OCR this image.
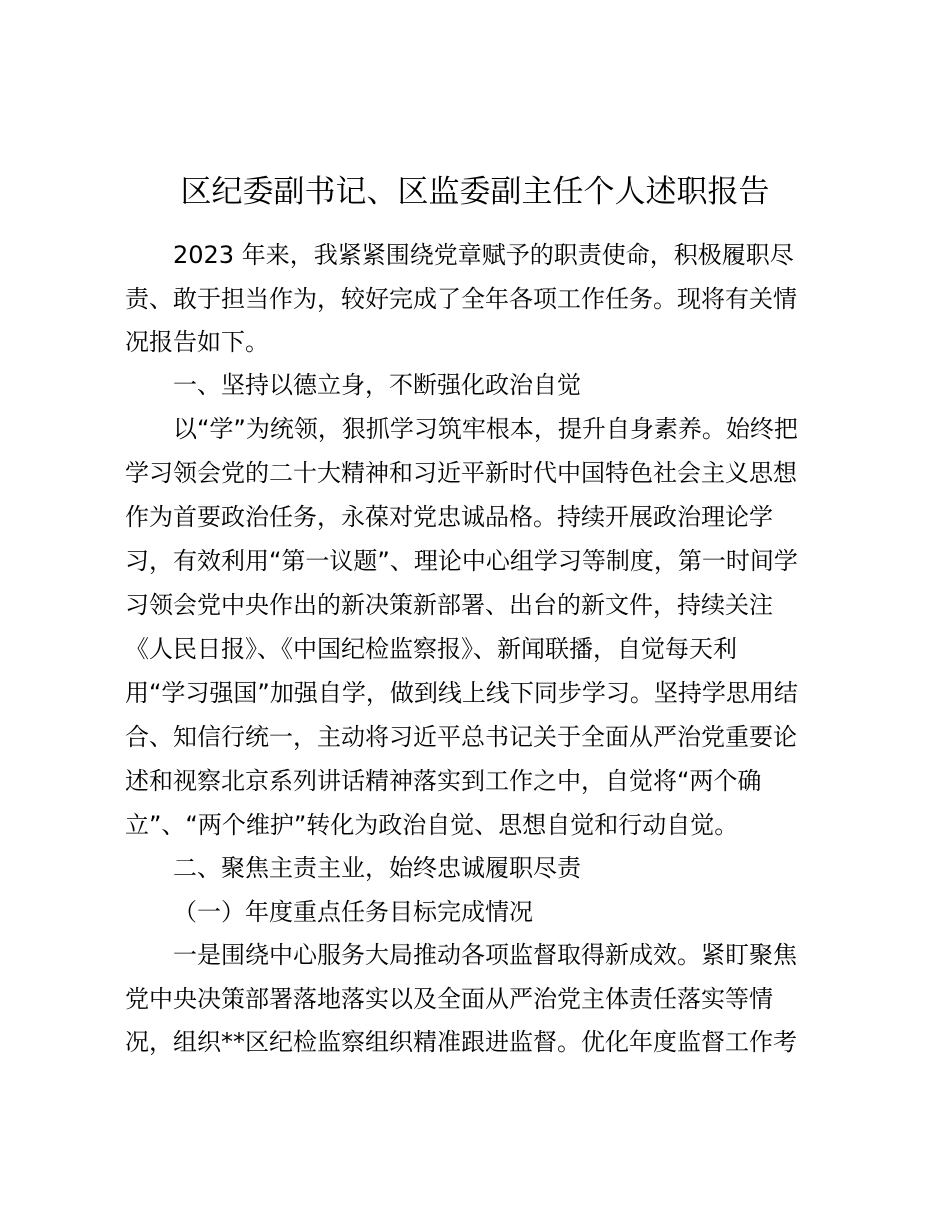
区纪委副书记、区监委副主任个人述职报告
2023 年来，我紧紧围绕党章赋予的职责使命，积极履职尽
责、敢于担当作为，较好完成了全年各项工作任务。现将有关情
况报告如下。
一、坚持以德立身，不断强化政治自觉
以“学”为统领，狠抓学习筑牢根本，提升自身素养。始终把
学习领会党的二十大精神和习近平新时代中国特色社会主义思想
作为首要政治任务，永葆对党忠诚品格。持续开展政治理论学
习，有效利用“第一议题”、理论中心组学习等制度，第一时间学
习领会党中央作出的新决策新部署、出台的新文件，持续关注
《人民日报》、《中国纪检监察报》、新闻联播，自觉每天利
用“学习强国”加强自学，做到线上线下同步学习。坚持学思用结
合、知信行统一，主动将习近平总书记关于全面从严治党重要论
述和视察北京系列讲话精神落实到工作之中，自觉将“两个确
立”、“两个维护”转化为政治自觉、思想自觉和行动自觉。
二、聚焦主责主业，始终忠诚履职尽责
（一）年度重点任务目标完成情况
一是围绕中心服务大局推动各项监督取得新成效。紧盯聚焦
党中央决策部署落地落实以及全面从严治党主体责任落实等情
况，组织**区纪检监察组织精准跟进监督。优化年度监督工作考
